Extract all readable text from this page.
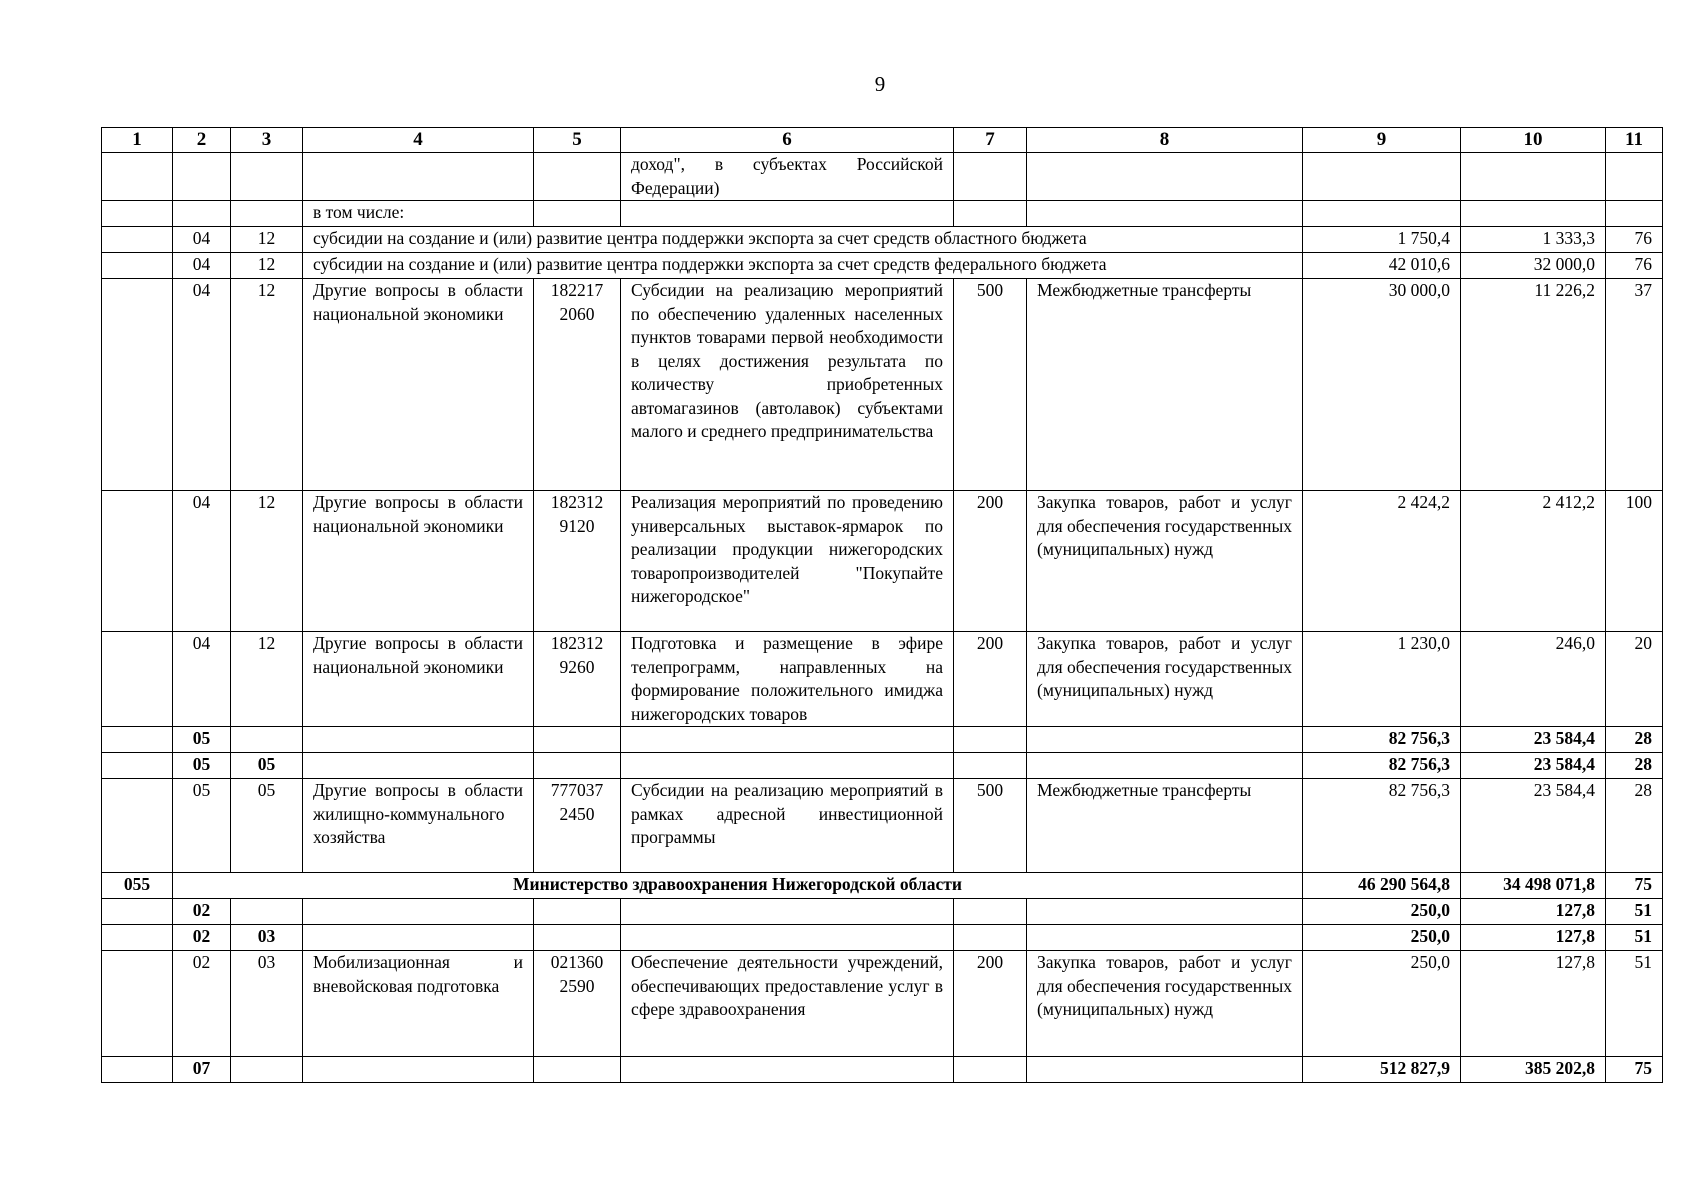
9
1	2	3	4	5	6	7	8	9	10	11
					доход", в субъектах Российской Федерации)					
			в том числе:							
	04	12	субсидии на создание и (или) развитие центра поддержки экспорта за счет средств областного бюджета					1 750,4	1 333,3	76
	04	12	субсидии на создание и (или) развитие центра поддержки экспорта за счет средств федерального бюджета					42 010,6	32 000,0	76
	04	12	Другие вопросы в области национальной экономики	182217 2060	Субсидии на реализацию мероприятий по обеспечению удаленных населенных пунктов товарами первой необходимости в целях достижения результата по количеству приобретенных автомагазинов (автолавок) субъектами малого и среднего предпринимательства	500	Межбюджетные трансферты	30 000,0	11 226,2	37
	04	12	Другие вопросы в области национальной экономики	182312 9120	Реализация мероприятий по проведению универсальных выставок-ярмарок по реализации продукции нижегородских товаропроизводителей "Покупайте нижегородское"	200	Закупка товаров, работ и услуг для обеспечения государственных (муниципальных) нужд	2 424,2	2 412,2	100
	04	12	Другие вопросы в области национальной экономики	182312 9260	Подготовка и размещение в эфире телепрограмм, направленных на формирование положительного имиджа нижегородских товаров	200	Закупка товаров, работ и услуг для обеспечения государственных (муниципальных) нужд	1 230,0	246,0	20
	05							82 756,3	23 584,4	28
	05	05						82 756,3	23 584,4	28
	05	05	Другие вопросы в области жилищно-коммунального хозяйства	777037 2450	Субсидии на реализацию мероприятий в рамках адресной инвестиционной программы	500	Межбюджетные трансферты	82 756,3	23 584,4	28
055	Министерство здравоохранения Нижегородской области							46 290 564,8	34 498 071,8	75
	02							250,0	127,8	51
	02	03						250,0	127,8	51
	02	03	Мобилизационная и вневойсковая подготовка	021360 2590	Обеспечение деятельности учреждений, обеспечивающих предоставление услуг в сфере здравоохранения	200	Закупка товаров, работ и услуг для обеспечения государственных (муниципальных) нужд	250,0	127,8	51
	07							512 827,9	385 202,8	75
